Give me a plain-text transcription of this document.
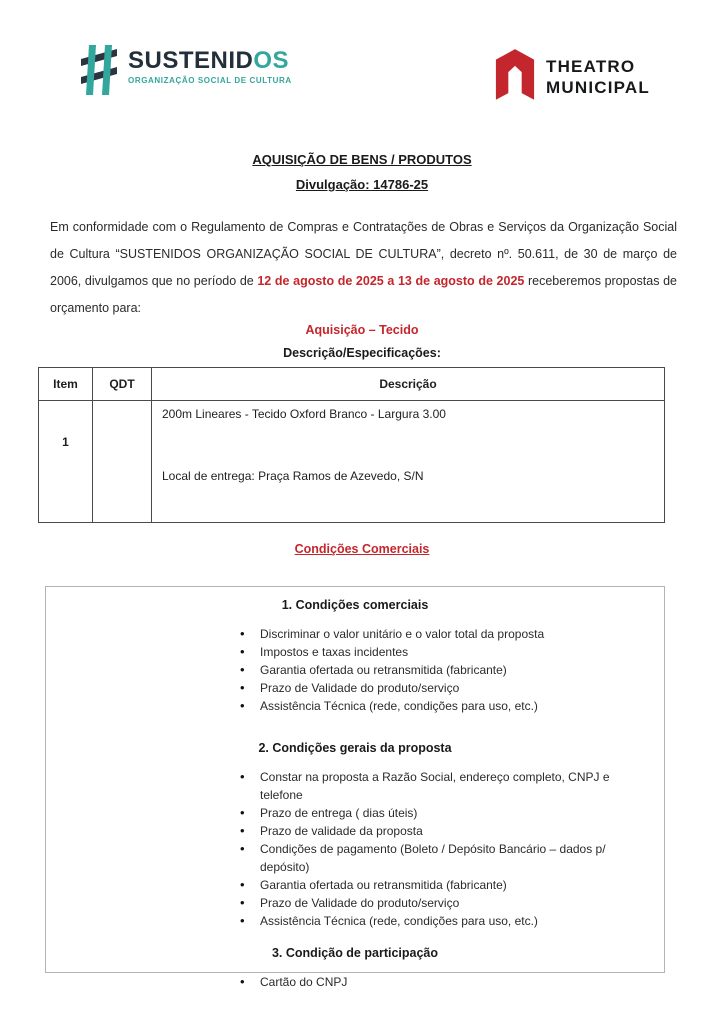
SUSTENIDOS
ORGANIZAÇÃO SOCIAL DE CULTURA
THEATRO
MUNICIPAL
AQUISIÇÃO DE BENS / PRODUTOS
Divulgação: 14786-25

Em conformidade com o Regulamento de Compras e Contratações de Obras e Serviços da Organização Social de Cultura “SUSTENIDOS ORGANIZAÇÃO SOCIAL DE CULTURA”, decreto nº. 50.611, de 30 de março de 2006, divulgamos que no período de 12 de agosto de 2025 a 13 de agosto de 2025 receberemos propostas de orçamento para:

Aquisição – Tecido
Descrição/Especificações:
Item	QDT	Descrição
1		200m Lineares - Tecido Oxford Branco - Largura 3.00
Local de entrega: Praça Ramos de Azevedo, S/N
Condições Comerciais
1. Condições comerciais
• Discriminar o valor unitário e o valor total da proposta
• Impostos e taxas incidentes
• Garantia ofertada ou retransmitida (fabricante)
• Prazo de Validade do produto/serviço
• Assistência Técnica (rede, condições para uso, etc.)
2. Condições gerais da proposta
• Constar na proposta a Razão Social, endereço completo, CNPJ e telefone
• Prazo de entrega ( dias úteis)
• Prazo de validade da proposta
• Condições de pagamento (Boleto / Depósito Bancário – dados p/ depósito)
• Garantia ofertada ou retransmitida (fabricante)
• Prazo de Validade do produto/serviço
• Assistência Técnica (rede, condições para uso, etc.)
3. Condição de participação
• Cartão do CNPJ
